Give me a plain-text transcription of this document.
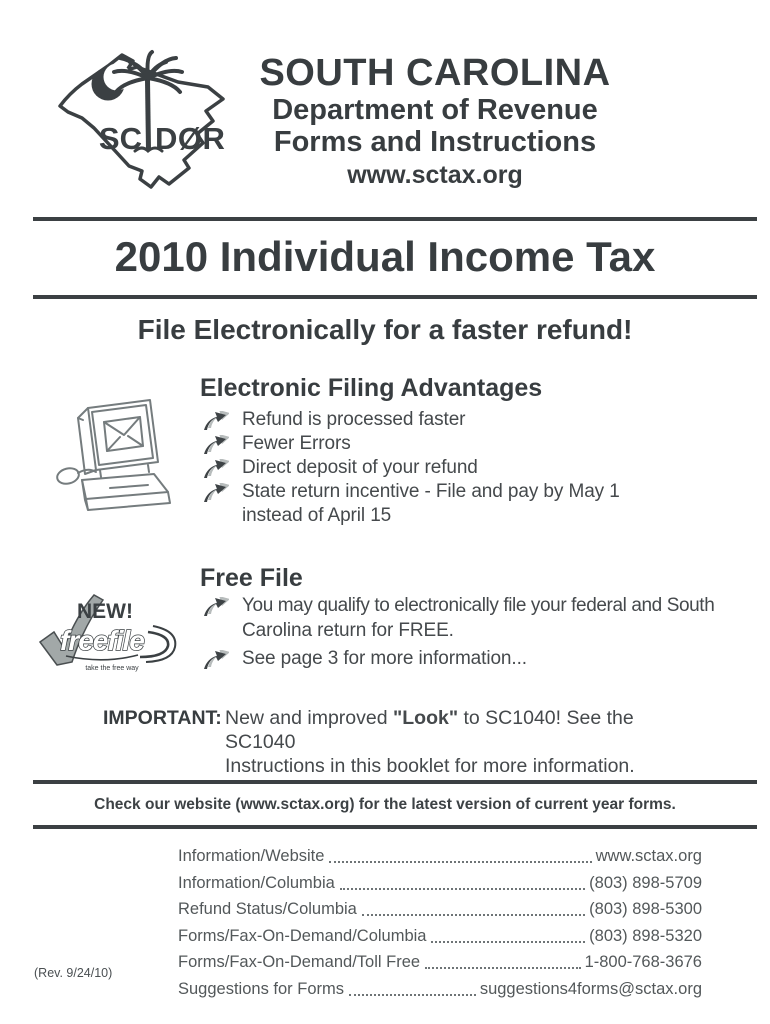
SC DØR
SOUTH CAROLINA
Department of Revenue
Forms and Instructions
www.sctax.org
2010 Individual Income Tax
File Electronically for a faster refund!
Electronic Filing Advantages
Refund is processed faster
Fewer Errors
Direct deposit of your refund
State return incentive - File and pay by May 1
instead of April 15
Free File
NEW!
freefile
take the free way
You may qualify to electronically file your federal and South
Carolina return for FREE.
See page 3 for more information...
IMPORTANT: New and improved "Look" to SC1040! See the SC1040
Instructions in this booklet for more information.
Check our website (www.sctax.org) for the latest version of current year forms.
Information/Website	www.sctax.org
Information/Columbia	(803) 898-5709
Refund Status/Columbia	(803) 898-5300
Forms/Fax-On-Demand/Columbia	(803) 898-5320
Forms/Fax-On-Demand/Toll Free	1-800-768-3676
Suggestions for Forms	suggestions4forms@sctax.org
(Rev. 9/24/10)
